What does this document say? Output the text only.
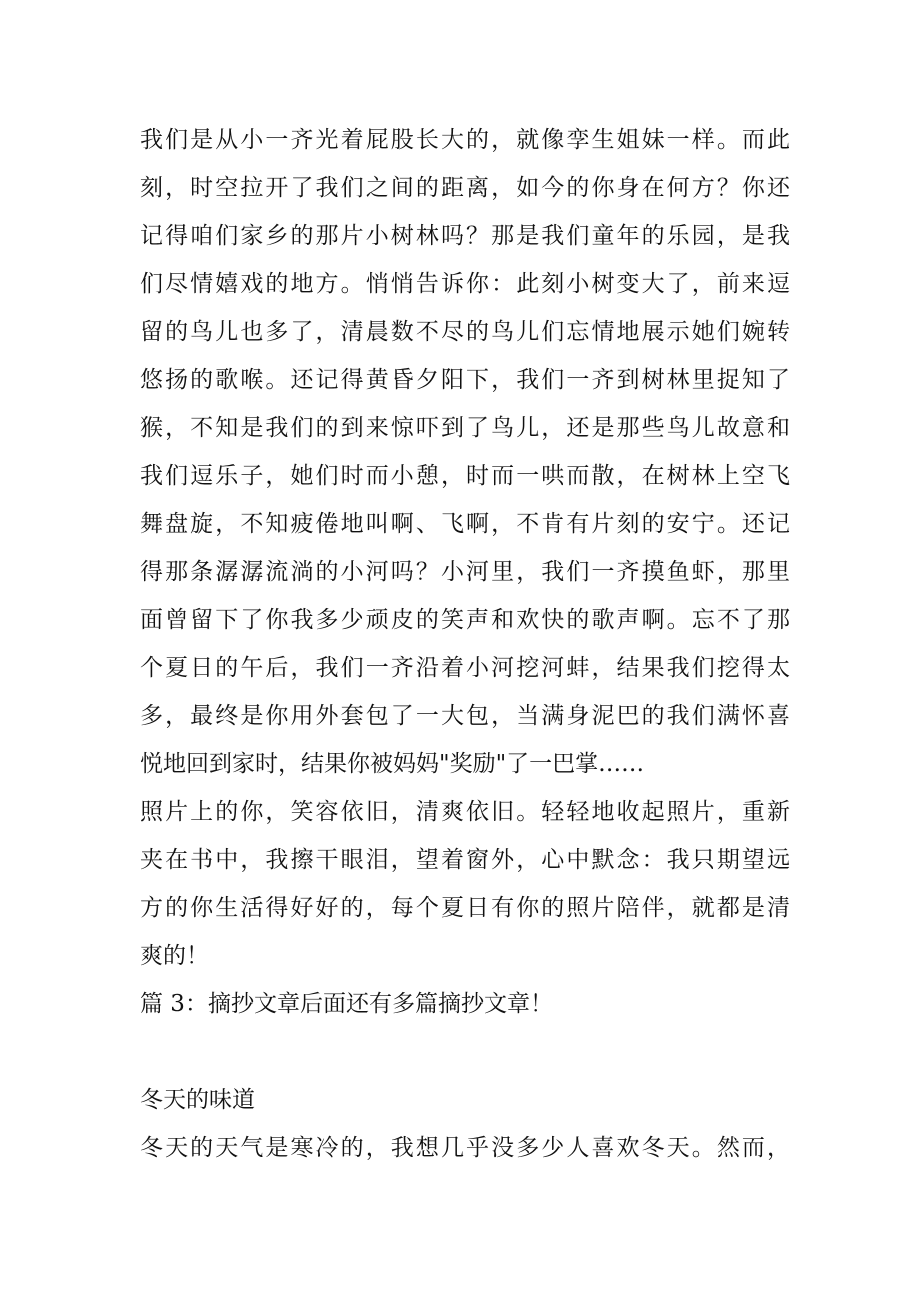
我们是从小一齐光着屁股长大的，就像孪生姐妹一样。而此
刻，时空拉开了我们之间的距离，如今的你身在何方？你还
记得咱们家乡的那片小树林吗？那是我们童年的乐园，是我
们尽情嬉戏的地方。悄悄告诉你：此刻小树变大了，前来逗
留的鸟儿也多了，清晨数不尽的鸟儿们忘情地展示她们婉转
悠扬的歌喉。还记得黄昏夕阳下，我们一齐到树林里捉知了
猴，不知是我们的到来惊吓到了鸟儿，还是那些鸟儿故意和
我们逗乐子，她们时而小憩，时而一哄而散，在树林上空飞
舞盘旋，不知疲倦地叫啊、飞啊，不肯有片刻的安宁。还记
得那条潺潺流淌的小河吗？小河里，我们一齐摸鱼虾，那里
面曾留下了你我多少顽皮的笑声和欢快的歌声啊。忘不了那
个夏日的午后，我们一齐沿着小河挖河蚌，结果我们挖得太
多，最终是你用外套包了一大包，当满身泥巴的我们满怀喜
悦地回到家时，结果你被妈妈"奖励"了一巴掌……
照片上的你，笑容依旧，清爽依旧。轻轻地收起照片，重新
夹在书中，我擦干眼泪，望着窗外，心中默念：我只期望远
方的你生活得好好的，每个夏日有你的照片陪伴，就都是清
爽的！
篇 3：摘抄文章后面还有多篇摘抄文章！
冬天的味道
冬天的天气是寒冷的，我想几乎没多少人喜欢冬天。然而，
